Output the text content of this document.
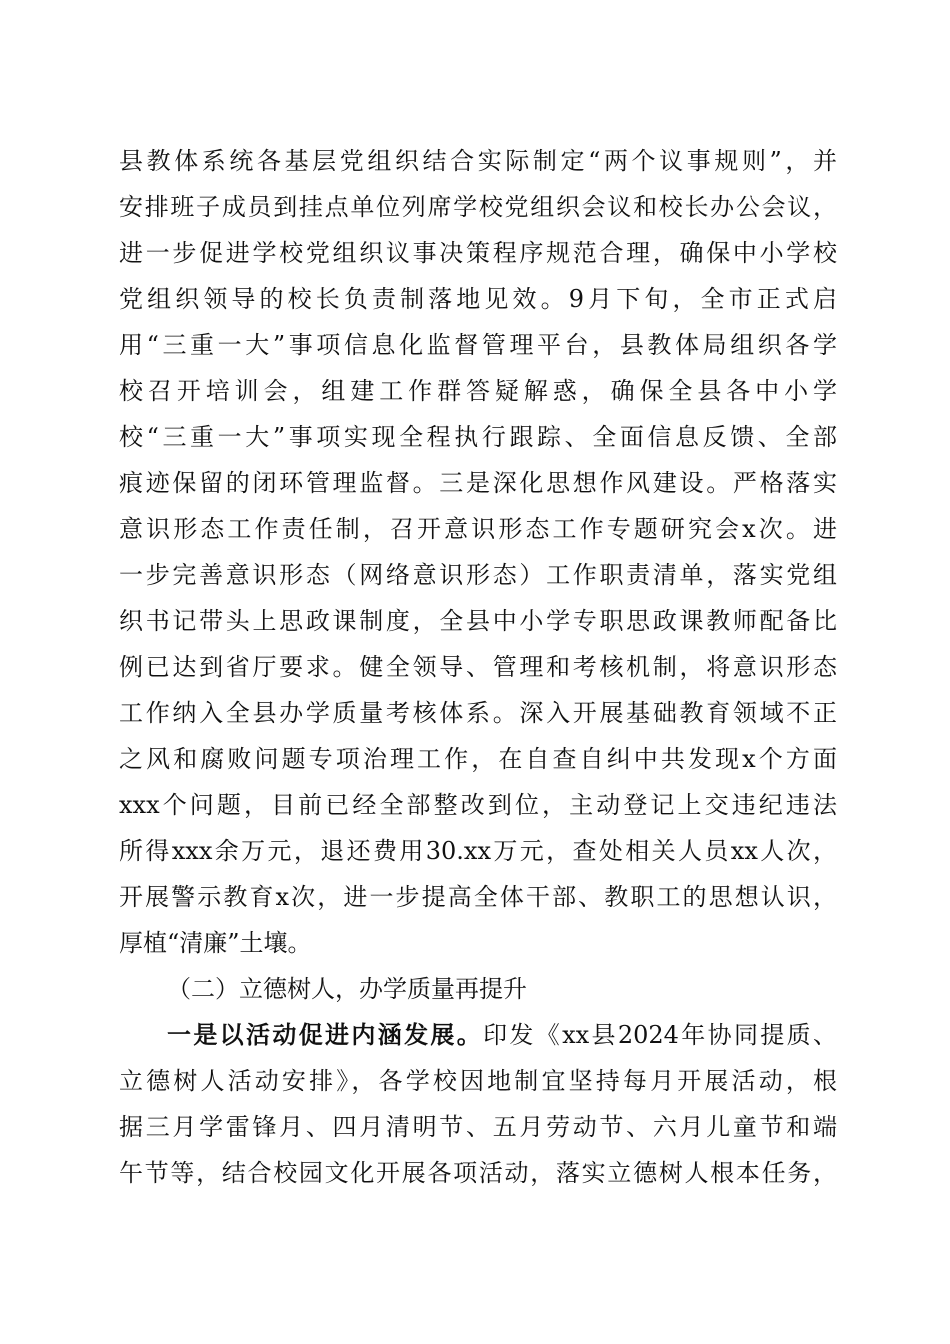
县教体系统各基层党组织结合实际制定“两个议事规则”，并
安排班子成员到挂点单位列席学校党组织会议和校长办公会议，
进一步促进学校党组织议事决策程序规范合理，确保中小学校
党组织领导的校长负责制落地见效。9月下旬，全市正式启
用“三重一大”事项信息化监督管理平台，县教体局组织各学
校召开培训会，组建工作群答疑解惑，确保全县各中小学
校“三重一大”事项实现全程执行跟踪、全面信息反馈、全部
痕迹保留的闭环管理监督。三是深化思想作风建设。严格落实
意识形态工作责任制，召开意识形态工作专题研究会x次。进
一步完善意识形态（网络意识形态）工作职责清单，落实党组
织书记带头上思政课制度，全县中小学专职思政课教师配备比
例已达到省厅要求。健全领导、管理和考核机制，将意识形态
工作纳入全县办学质量考核体系。深入开展基础教育领域不正
之风和腐败问题专项治理工作，在自查自纠中共发现x个方面
xxx个问题，目前已经全部整改到位，主动登记上交违纪违法
所得xxx余万元，退还费用30.xx万元，查处相关人员xx人次，
开展警示教育x次，进一步提高全体干部、教职工的思想认识，
厚植“清廉”土壤。
（二）立德树人，办学质量再提升
一是以活动促进内涵发展。印发《xx县2024年协同提质、
立德树人活动安排》，各学校因地制宜坚持每月开展活动，根
据三月学雷锋月、四月清明节、五月劳动节、六月儿童节和端
午节等，结合校园文化开展各项活动，落实立德树人根本任务，
